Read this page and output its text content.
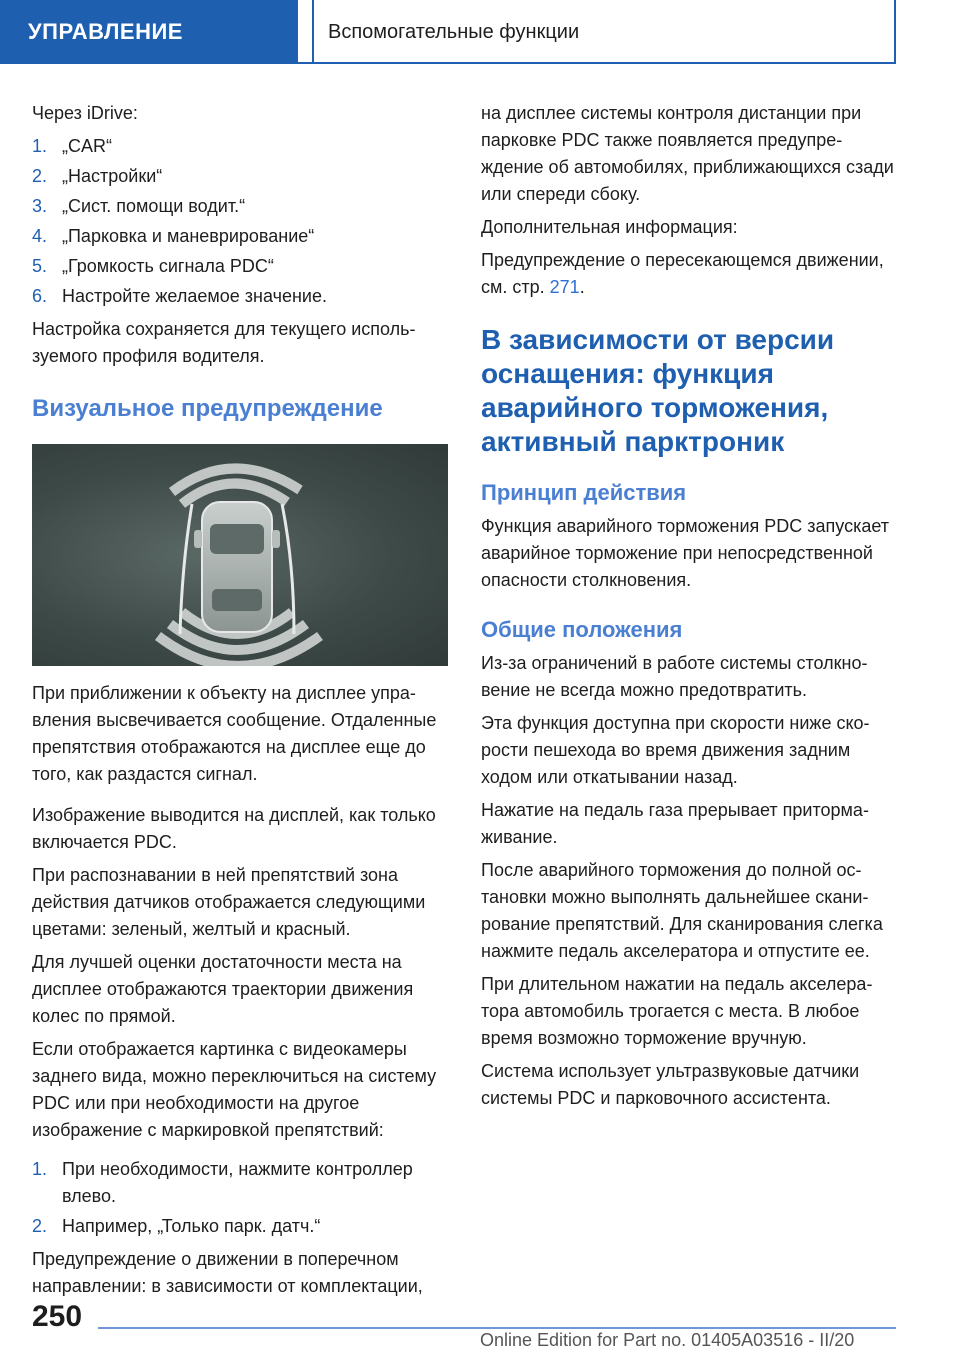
УПРАВЛЕНИЕ	Вспомогательные функции

Через iDrive:

1. „CAR“
2. „Настройки“
3. „Сист. помощи водит.“
4. „Парковка и маневрирование“
5. „Громкость сигнала PDC“
6. Настройте желаемое значение.

Настройка сохраняется для текущего используемого профиля водителя.

Визуальное предупреждение

При приближении к объекту на дисплее управления высвечивается сообщение. Отдаленные препятствия отображаются на дисплее еще до того, как раздастся сигнал.

Изображение выводится на дисплей, как только включается PDC.

При распознавании в ней препятствий зона действия датчиков отображается следующими цветами: зеленый, желтый и красный.

Для лучшей оценки достаточности места на дисплее отображаются траектории движения колес по прямой.

Если отображается картинка с видеокамеры заднего вида, можно переключиться на систему PDC или при необходимости на другое изображение с маркировкой препятствий:

1. При необходимости, нажмите контроллер влево.
2. Например, „Только парк. датч.“

Предупреждение о движении в поперечном направлении: в зависимости от комплектации,

на дисплее системы контроля дистанции при парковке PDC также появляется предупреждение об автомобилях, приближающихся сзади или спереди сбоку.

Дополнительная информация:

Предупреждение о пересекающемся движении, см. стр. 271.

В зависимости от версии оснащения: функция аварийного торможения, активный парктроник
Принцип действия

Функция аварийного торможения PDC запускает аварийное торможение при непосредственной опасности столкновения.

Общие положения

Из-за ограничений в работе системы столкновение не всегда можно предотвратить.

Эта функция доступна при скорости ниже скорости пешехода во время движения задним ходом или откатывании назад.

Нажатие на педаль газа прерывает притормаживание.

После аварийного торможения до полной остановки можно выполнять дальнейшее сканирование препятствий. Для сканирования слегка нажмите педаль акселератора и отпустите ее.

При длительном нажатии на педаль акселератора автомобиль трогается с места. В любое время возможно торможение вручную.

Система использует ультразвуковые датчики системы PDC и парковочного ассистента.

250
Online Edition for Part no. 01405A03516 - II/20
